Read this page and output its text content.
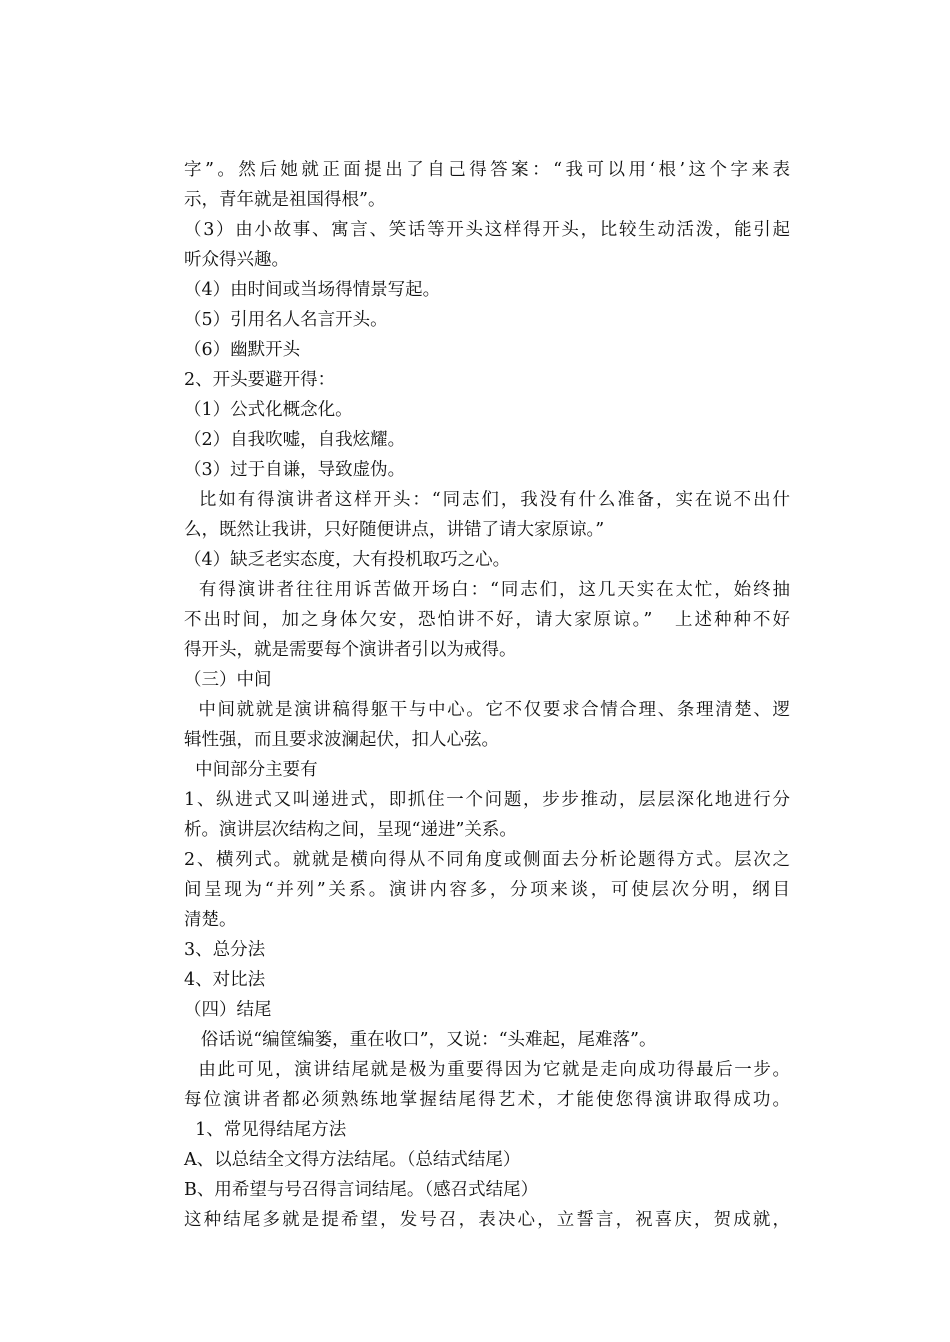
字”。然后她就正面提出了自己得答案：“我可以用‘根’这个字来表
示，青年就是祖国得根”。
（3）由小故事、寓言、笑话等开头这样得开头，比较生动活泼，能引起
听众得兴趣。
（4）由时间或当场得情景写起。
（5）引用名人名言开头。
（6）幽默开头
2、开头要避开得：
（1）公式化概念化。
（2）自我吹嘘，自我炫耀。
（3）过于自谦，导致虚伪。
比如有得演讲者这样开头：“同志们，我没有什么准备，实在说不出什
么，既然让我讲，只好随便讲点，讲错了请大家原谅。”
（4）缺乏老实态度，大有投机取巧之心。
有得演讲者往往用诉苦做开场白：“同志们，这几天实在太忙，始终抽
不出时间，加之身体欠安，恐怕讲不好，请大家原谅。”   上述种种不好
得开头，就是需要每个演讲者引以为戒得。
（三）中间
中间就就是演讲稿得躯干与中心。它不仅要求合情合理、条理清楚、逻
辑性强，而且要求波澜起伏，扣人心弦。
中间部分主要有
1、纵进式又叫递进式，即抓住一个问题，步步推动，层层深化地进行分
析。演讲层次结构之间，呈现“递进”关系。
2、横列式。就就是横向得从不同角度或侧面去分析论题得方式。层次之
间呈现为“并列”关系。演讲内容多，分项来谈，可使层次分明，纲目
清楚。
3、总分法
4、对比法
（四）结尾
俗话说“编筐编篓，重在收口”，又说：“头难起，尾难落”。
由此可见，演讲结尾就是极为重要得因为它就是走向成功得最后一步。
每位演讲者都必须熟练地掌握结尾得艺术，才能使您得演讲取得成功。
1、常见得结尾方法
A、以总结全文得方法结尾。（总结式结尾）
B、用希望与号召得言词结尾。（感召式结尾）
这种结尾多就是提希望，发号召，表决心，立誓言，祝喜庆，贺成就，
